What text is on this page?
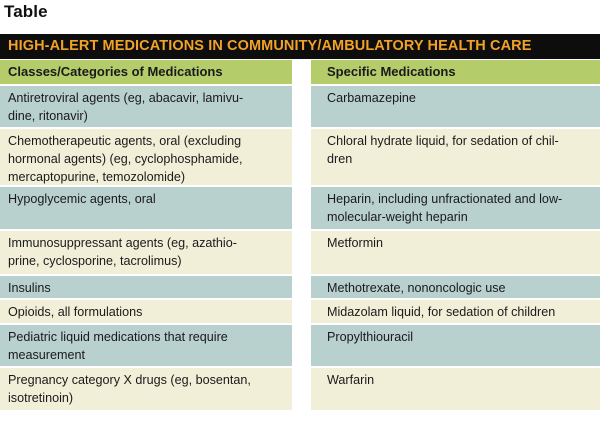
Table
HIGH-ALERT MEDICATIONS IN COMMUNITY/AMBULATORY HEALTH CARE
Classes/Categories of Medications
Antiretroviral agents (eg, abacavir, lamivu-
dine, ritonavir)
Chemotherapeutic agents, oral (excluding
hormonal agents) (eg, cyclophosphamide,
mercaptopurine, temozolomide)
Hypoglycemic agents, oral
Immunosuppressant agents (eg, azathio-
prine, cyclosporine, tacrolimus)
Insulins
Opioids, all formulations
Pediatric liquid medications that require
measurement
Pregnancy category X drugs (eg, bosentan,
isotretinoin)
Specific Medications
Carbamazepine
Chloral hydrate liquid, for sedation of chil-
dren
Heparin, including unfractionated and low-
molecular-weight heparin
Metformin
Methotrexate, nononcologic use
Midazolam liquid, for sedation of children
Propylthiouracil
Warfarin
